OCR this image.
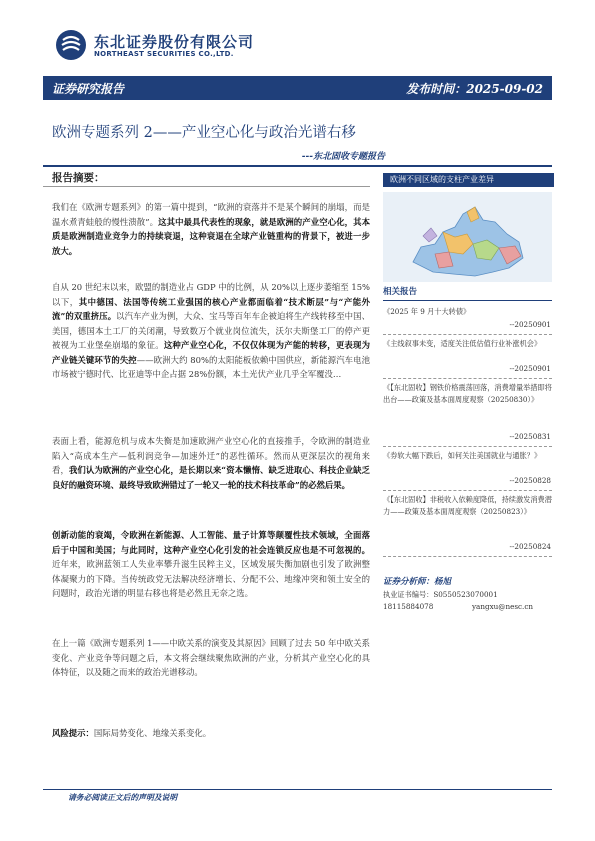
东北证券股份有限公司
NORTHEAST SECURITIES CO.,LTD.
证券研究报告	发布时间：2025-09-02
欧洲专题系列 2——产业空心化与政治光谱右移
---东北固收专题报告
报告摘要：
我们在《欧洲专题系列》的第一篇中提到，“欧洲的衰落并不是某个瞬间的崩塌，而是温水煮青蛙般的慢性溃散”。这其中最具代表性的现象，就是欧洲的产业空心化，其本质是欧洲制造业竞争力的持续衰退，这种衰退在全球产业链重构的背景下，被进一步放大。
自从 20 世纪末以来，欧盟的制造业占 GDP 中的比例，从 20%以上逐步萎缩至 15%以下，其中德国、法国等传统工业强国的核心产业都面临着“技术断层”与“产能外流”的双重挤压。以汽车产业为例，大众、宝马等百年车企被迫将生产线转移至中国、美国，德国本土工厂的关闭潮，导致数万个就业岗位流失，沃尔夫斯堡工厂的停产更被视为工业堡垒崩塌的象征。这种产业空心化，不仅仅体现为产能的转移，更表现为产业链关键环节的失控——欧洲大约 80%的太阳能板依赖中国供应，新能源汽车电池市场被宁德时代、比亚迪等中企占据 28%份额，本土光伏产业几乎全军覆没…
表面上看，能源危机与成本失衡是加速欧洲产业空心化的直接推手，令欧洲的制造业陷入“高成本生产—低利润竞争—加速外迁”的恶性循环。然而从更深层次的视角来看，我们认为欧洲的产业空心化，是长期以来“资本懒惰、缺乏进取心、科技企业缺乏良好的融资环境、最终导致欧洲错过了一轮又一轮的技术科技革命”的必然后果。
创新动能的衰竭，令欧洲在新能源、人工智能、量子计算等颠覆性技术领域，全面落后于中国和美国；与此同时，这种产业空心化引发的社会连锁反应也是不可忽视的。近年来，欧洲蓝领工人失业率攀升滋生民粹主义，区域发展失衡加剧也引发了欧洲整体凝聚力的下降。当传统政党无法解决经济增长、分配不公、地缘冲突和领土安全的问题时，政治光谱的明显右移也将是必然且无奈之选。
在上一篇《欧洲专题系列 1——中欧关系的演变及其原因》回顾了过去 50 年中欧关系变化、产业竞争等问题之后，本文将会继续聚焦欧洲的产业，分析其产业空心化的具体特征，以及随之而来的政治光谱移动。
风险提示：国际局势变化、地缘关系变化。
欧洲不同区域的支柱产业差异
相关报告
《2025 年 9 月十大转债》
--20250901
《主线叙事未变，适度关注低估值行业补涨机会》
--20250901
《【东北固收】钢铁价格震荡回落，消费增量举措即将出台——政策及基本面周度观察（20250830）》
--20250831
《券软大幅下跌后，如何关注美国就业与通胀？》
--20250828
《【东北固收】非税收入依赖度降低，持续激发消费潜力——政策及基本面周度观察（20250823）》
--20250824
证券分析师：杨旭
执业证书编号：S0550523070001
18115884078	yangxu@nesc.cn
请务必阅读正文后的声明及说明
